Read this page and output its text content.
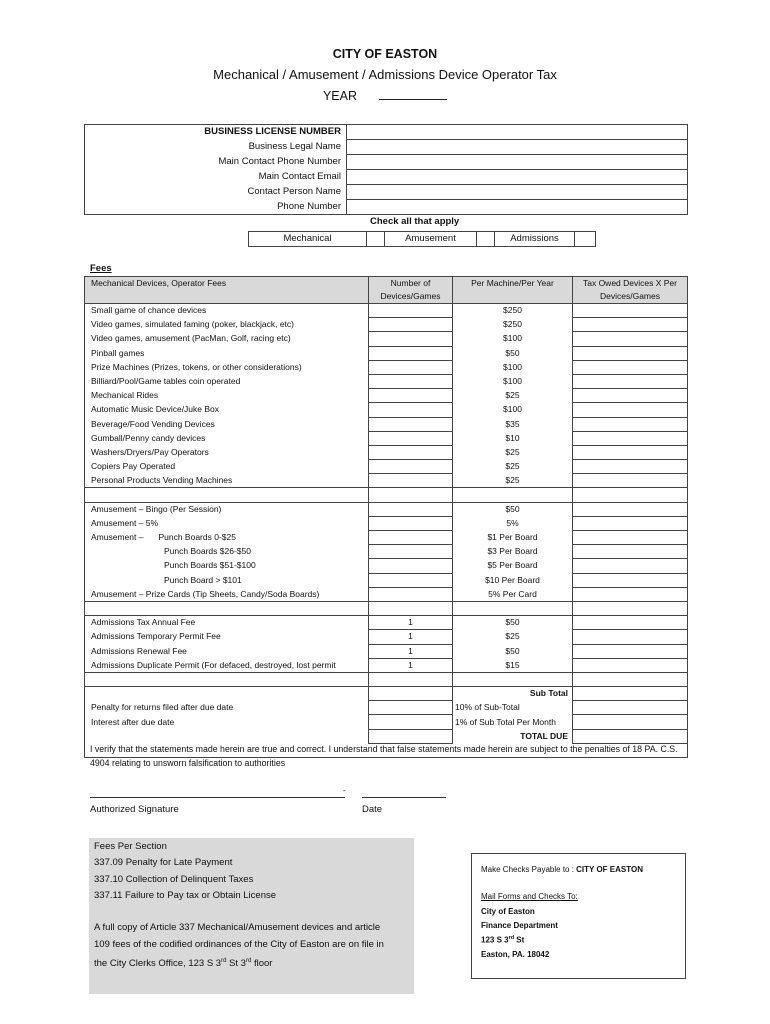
CITY OF EASTON
Mechanical / Amusement / Admissions Device Operator Tax
YEAR
BUSINESS LICENSE NUMBER	
Business Legal Name	
Main Contact Phone Number	
Main Contact Email	
Contact Person Name	
Phone Number	
Check all that apply
Mechanical		Amusement		Admissions	
Fees
Mechanical Devices, Operator Fees	Number of Devices/Games	Per Machine/Per Year	Tax Owed Devices X Per Devices/Games
Small game of chance devices		$250	
Video games, simulated faming (poker, blackjack, etc)		$250	
Video games, amusement (PacMan, Golf, racing etc)		$100	
Pinball games		$50	
Prize Machines (Prizes, tokens, or other considerations)		$100	
Billiard/Pool/Game tables coin operated		$100	
Mechanical Rides		$25	
Automatic Music Device/Juke Box		$100	
Beverage/Food Vending Devices		$35	
Gumball/Penny candy devices		$10	
Washers/Dryers/Pay Operators		$25	
Copiers Pay Operated		$25	
Personal Products Vending Machines		$25	

Amusement – Bingo (Per Session)		$50	
Amusement – 5%		5%	
Amusement – Punch Boards 0-$25		$1 Per Board	
Punch Boards $26-$50		$3 Per Board	
Punch Boards $51-$100		$5 Per Board	
Punch Board > $101		$10 Per Board	
Amusement – Prize Cards (Tip Sheets, Candy/Soda Boards)		5% Per Card	

Admissions Tax Annual Fee	1	$50	
Admissions Temporary Permit Fee	1	$25	
Admissions Renewal Fee	1	$50	
Admissions Duplicate Permit (For defaced, destroyed, lost permit	1	$15	

		Sub Total	
Penalty for returns filed after due date		10% of Sub-Total	
Interest after due date		1% of Sub Total Per Month	
		TOTAL DUE	

I verify that the statements made herein are true and correct. I understand that false statements made herein are subject to the penalties of 18 PA. C.S. 4904 relating to unsworn falsification to authorities
-
Authorized Signature	Date
Fees Per Section
337.09 Penalty for Late Payment
337.10 Collection of Delinquent Taxes
337.11 Failure to Pay tax or Obtain License
A full copy of Article 337 Mechanical/Amusement devices and article
109 fees of the codified ordinances of the City of Easton are on file in
the City Clerks Office, 123 S 3rd St 3rd floor
Make Checks Payable to : CITY OF EASTON
Mail Forms and Checks To:
City of Easton
Finance Department
123 S 3rd St
Easton, PA. 18042
